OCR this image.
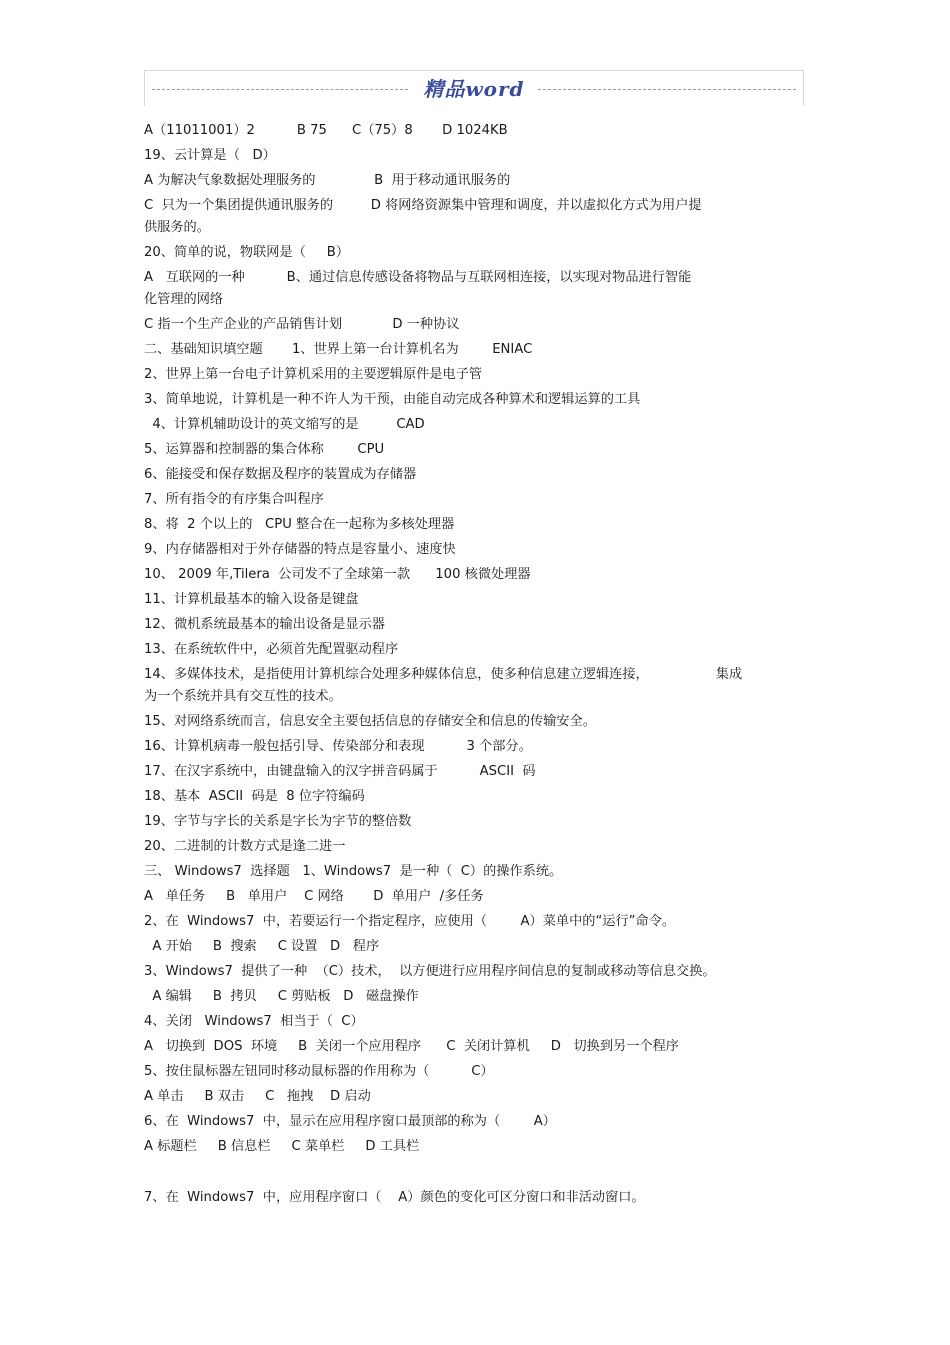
精品word
A（11011001）2          B 75      C（75）8       D 1024KB
19、云计算是（   D）
A 为解决气象数据处理服务的              B  用于移动通讯服务的
C  只为一个集团提供通讯服务的         D 将网络资源集中管理和调度，并以虚拟化方式为用户提
供服务的。
20、简单的说，物联网是（     B）
A   互联网的一种          B、通过信息传感设备将物品与互联网相连接，以实现对物品进行智能
化管理的网络
C 指一个生产企业的产品销售计划            D 一种协议
二、基础知识填空题       1、世界上第一台计算机名为        ENIAC
2、世界上第一台电子计算机采用的主要逻辑原件是电子管
3、简单地说，计算机是一种不许人为干预，由能自动完成各种算术和逻辑运算的工具
4、计算机辅助设计的英文缩写的是         CAD
5、运算器和控制器的集合体称        CPU
6、能接受和保存数据及程序的装置成为存储器
7、所有指令的有序集合叫程序
8、将  2 个以上的   CPU 整合在一起称为多核处理器
9、内存储器相对于外存储器的特点是容量小、速度快
10、 2009 年,Tilera  公司发不了全球第一款      100 核微处理器
11、计算机最基本的输入设备是键盘
12、微机系统最基本的输出设备是显示器
13、在系统软件中，必须首先配置驱动程序
14、多媒体技术，是指使用计算机综合处理多种媒体信息，使多种信息建立逻辑连接，                集成
为一个系统并具有交互性的技术。
15、对网络系统而言，信息安全主要包括信息的存储安全和信息的传输安全。
16、计算机病毒一般包括引导、传染部分和表现          3 个部分。
17、在汉字系统中，由键盘输入的汉字拼音码属于          ASCII  码
18、基本  ASCII  码是  8 位字符编码
19、字节与字长的关系是字长为字节的整倍数
20、二进制的计数方式是逢二进一
三、 Windows7  选择题   1、Windows7  是一种（  C）的操作系统。
A   单任务     B   单用户    C 网络       D  单用户  /多任务
2、在  Windows7  中，若要运行一个指定程序，应使用（        A）菜单中的“运行”命令。
A 开始     B  搜索     C 设置   D   程序
3、Windows7  提供了一种  （C）技术，  以方便进行应用程序间信息的复制或移动等信息交换。
A 编辑     B  拷贝     C 剪贴板   D   磁盘操作
4、关闭   Windows7  相当于（  C）
A   切换到  DOS  环境     B  关闭一个应用程序      C  关闭计算机     D   切换到另一个程序
5、按住鼠标器左钮同时移动鼠标器的作用称为（          C）
A 单击     B 双击     C   拖拽    D 启动
6、在  Windows7  中，显示在应用程序窗口最顶部的称为（        A）
A 标题栏     B 信息栏     C 菜单栏     D 工具栏
7、在  Windows7  中，应用程序窗口（    A）颜色的变化可区分窗口和非活动窗口。
